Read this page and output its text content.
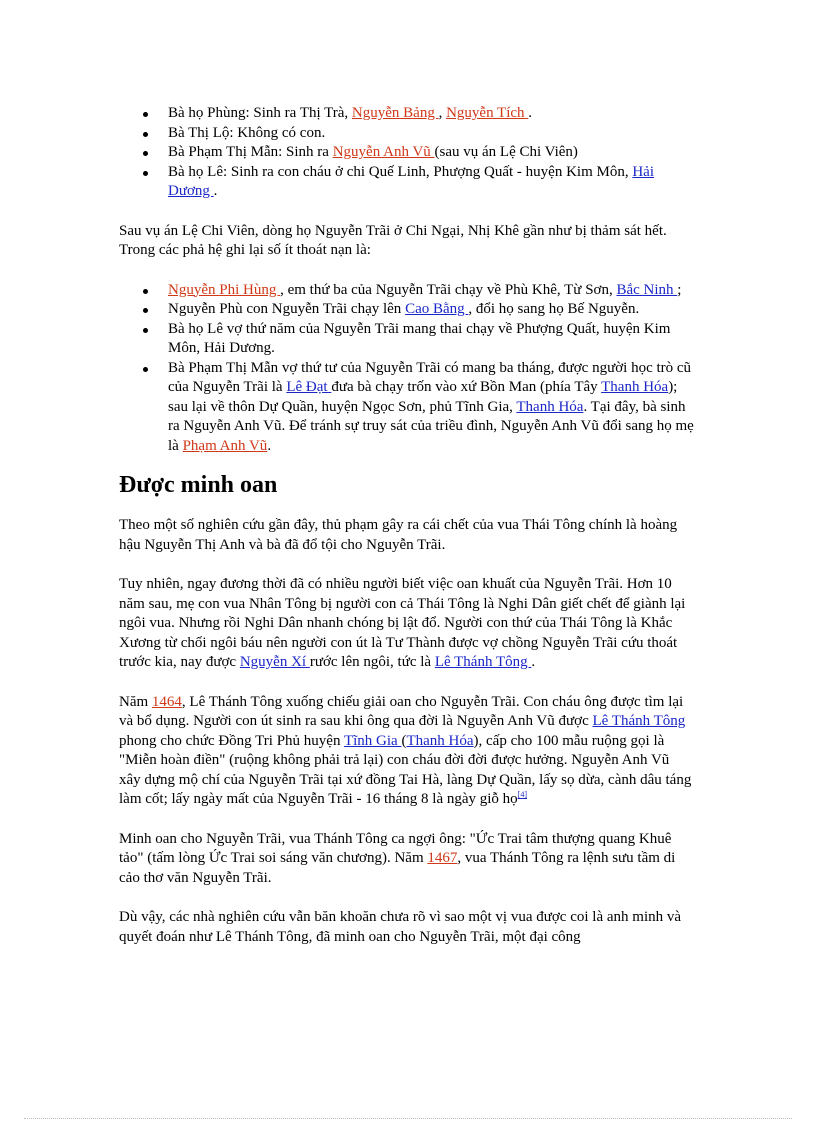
Bà họ Phùng: Sinh ra Thị Trà, Nguyễn Bảng , Nguyễn Tích .
Bà Thị Lộ: Không có con.
Bà Phạm Thị Mẫn: Sinh ra Nguyễn Anh Vũ (sau vụ án Lệ Chi Viên)
Bà họ Lê: Sinh ra con cháu ở chi Quế Linh, Phượng Quất - huyện Kim Môn, Hải Dương .

Sau vụ án Lệ Chi Viên, dòng họ Nguyễn Trãi ở Chi Ngại, Nhị Khê gần như bị thảm sát hết. Trong các phả hệ ghi lại số ít thoát nạn là:

Nguyễn Phi Hùng , em thứ ba của Nguyễn Trãi chạy về Phù Khê, Từ Sơn, Bắc Ninh ;
Nguyễn Phù con Nguyễn Trãi chạy lên Cao Bằng , đổi họ sang họ Bế Nguyễn.
Bà họ Lê vợ thứ năm của Nguyễn Trãi mang thai chạy về Phượng Quất, huyện Kim Môn, Hải Dương.
Bà Phạm Thị Mẫn vợ thứ tư của Nguyễn Trãi có mang ba tháng, được người học trò cũ của Nguyễn Trãi là Lê Đạt đưa bà chạy trốn vào xứ Bồn Man (phía Tây Thanh Hóa); sau lại về thôn Dự Quần, huyện Ngọc Sơn, phủ Tĩnh Gia, Thanh Hóa. Tại đây, bà sinh ra Nguyễn Anh Vũ. Để tránh sự truy sát của triều đình, Nguyễn Anh Vũ đổi sang họ mẹ là Phạm Anh Vũ.
Được minh oan

Theo một số nghiên cứu gần đây, thủ phạm gây ra cái chết của vua Thái Tông chính là hoàng hậu Nguyễn Thị Anh và bà đã đổ tội cho Nguyễn Trãi.

Tuy nhiên, ngay đương thời đã có nhiều người biết việc oan khuất của Nguyễn Trãi. Hơn 10 năm sau, mẹ con vua Nhân Tông bị người con cả Thái Tông là Nghi Dân giết chết để giành lại ngôi vua. Nhưng rồi Nghi Dân nhanh chóng bị lật đổ. Người con thứ của Thái Tông là Khắc Xương từ chối ngôi báu nên người con út là Tư Thành được vợ chồng Nguyễn Trãi cứu thoát trước kia, nay được Nguyễn Xí rước lên ngôi, tức là Lê Thánh Tông .

Năm 1464, Lê Thánh Tông xuống chiếu giải oan cho Nguyễn Trãi. Con cháu ông được tìm lại và bổ dụng. Người con út sinh ra sau khi ông qua đời là Nguyễn Anh Vũ được Lê Thánh Tông phong cho chức Đồng Tri Phủ huyện Tĩnh Gia (Thanh Hóa), cấp cho 100 mẫu ruộng gọi là "Miễn hoàn điền" (ruộng không phải trả lại) con cháu đời đời được hưởng. Nguyễn Anh Vũ xây dựng mộ chí của Nguyễn Trãi tại xứ đồng Tai Hà, làng Dự Quần, lấy sọ dừa, cành dâu táng làm cốt; lấy ngày mất của Nguyễn Trãi - 16 tháng 8 là ngày giỗ họ[4]

Minh oan cho Nguyễn Trãi, vua Thánh Tông ca ngợi ông: "Ức Trai tâm thượng quang Khuê tảo" (tấm lòng Ức Trai soi sáng văn chương). Năm 1467, vua Thánh Tông ra lệnh sưu tầm di cảo thơ văn Nguyễn Trãi.

Dù vậy, các nhà nghiên cứu vẫn băn khoăn chưa rõ vì sao một vị vua được coi là anh minh và quyết đoán như Lê Thánh Tông, đã minh oan cho Nguyễn Trãi, một đại công
